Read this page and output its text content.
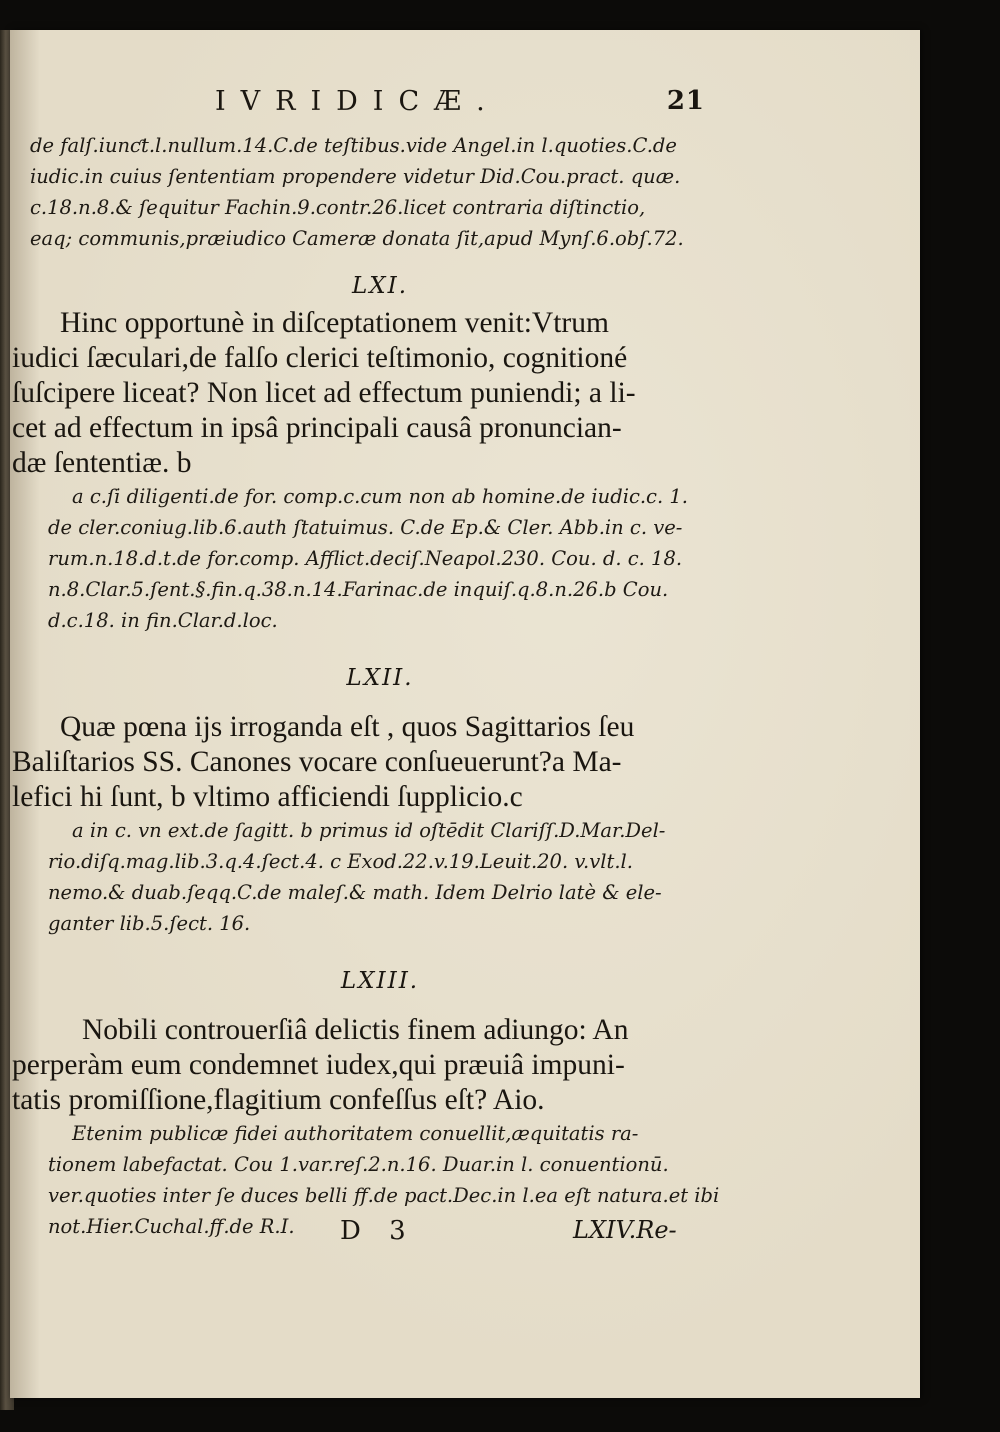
IVRIDICÆ.	21
de falſ.iunƈt.l.nullum.14.C.de teſtibus.vide Angel.in l.quoties.C.de
iudic.in cuius ſententiam propendere videtur Did.Cou.pract. quæ.
c.18.n.8.& ſequitur Fachin.9.contr.26.licet contraria diſtinctio,
eaq; communis,præiudico Cameræ donata ſit,apud Mynſ.6.obſ.72.
LXI.
Hinc opportunè in diſceptationem venit:Vtrum
iudici ſæculari,de falſo clerici teſtimonio, cognitioné
ſuſcipere liceat? Non licet ad effectum puniendi; a li-
cet ad effectum in ipsâ principali causâ pronuncian-
dæ ſententiæ. b
a c.ſi diligenti.de for. comp.c.cum non ab homine.de iudic.c. 1.
de cler.coniug.lib.6.auth ſtatuimus. C.de Ep.& Cler. Abb.in c. ve-
rum.n.18.d.t.de for.comp. Afflict.deciſ.Neapol.230. Cou. d. c. 18.
n.8.Clar.5.ſent.§.fin.q.38.n.14.Farinac.de inquiſ.q.8.n.26.b Cou.
d.c.18. in fin.Clar.d.loc.
LXII.
Quæ pœna ijs irroganda eſt , quos Sagittarios ſeu
Baliſtarios SS. Canones vocare conſueuerunt?a Ma-
lefici hi ſunt, b vltimo afficiendi ſupplicio.c
a in c. vn ext.de ſagitt. b primus id oſtēdit Clariſſ.D.Mar.Del-
rio.diſq.mag.lib.3.q.4.ſect.4. c Exod.22.v.19.Leuit.20. v.vlt.l.
nemo.& duab.ſeqq.C.de maleſ.& math. Idem Delrio latè & ele-
ganter lib.5.ſect. 16.
LXIII.
Nobili controuerſiâ delictis finem adiungo: An
perperàm eum condemnet iudex,qui præuiâ impuni-
tatis promiſſione,flagitium confeſſus eſt? Aio.
Etenim publicæ fidei authoritatem conuellit,æquitatis ra-
tionem labefactat. Cou 1.var.reſ.2.n.16. Duar.in l. conuentionū.
ver.quoties inter ſe duces belli ff.de pact.Dec.in l.ea eſt natura.et ibi
not.Hier.Cuchal.ff.de R.I.	D 3	LXIV.Re-
